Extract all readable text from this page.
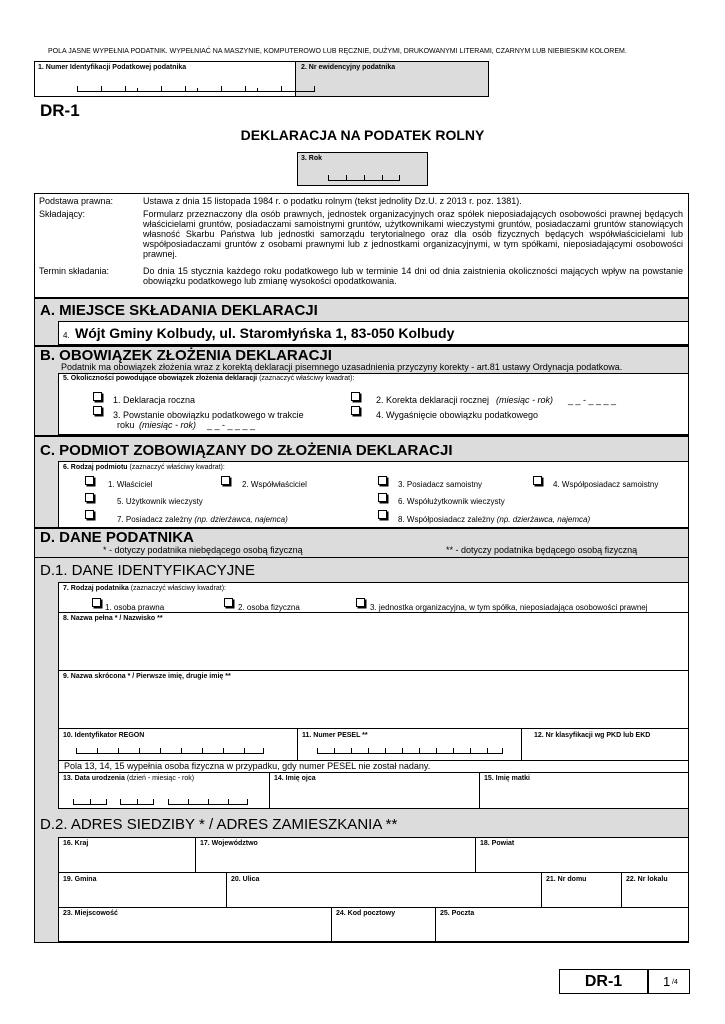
POLA JASNE WYPEŁNIA PODATNIK. WYPEŁNIAĆ NA MASZYNIE, KOMPUTEROWO LUB RĘCZNIE, DUŻYMI, DRUKOWANYMI LITERAMI, CZARNYM LUB NIEBIESKIM KOLOREM.
1. Numer Identyfikacji Podatkowej podatnika	2. Nr ewidencyjny podatnika
DR-1
DEKLARACJA NA PODATEK ROLNY
3. Rok
Podstawa prawna:	Ustawa z dnia 15 listopada 1984 r. o podatku rolnym (tekst jednolity Dz.U. z 2013 r. poz. 1381).
Składający:	Formularz przeznaczony dla osób prawnych, jednostek organizacyjnych oraz spółek nieposiadających osobowości prawnej będących właścicielami gruntów, posiadaczami samoistnymi gruntów, użytkownikami wieczystymi gruntów, posiadaczami gruntów stanowiących własność Skarbu Państwa lub jednostki samorządu terytorialnego oraz dla osób fizycznych będących współwłaścicielami lub współposiadaczami gruntów z osobami prawnymi lub z jednostkami organizacyjnymi, w tym spółkami, nieposiadającymi osobowości prawnej.
Termin składania:	Do dnia 15 stycznia każdego roku podatkowego lub w terminie 14 dni od dnia zaistnienia okoliczności mających wpływ na powstanie obowiązku podatkowego lub zmianę wysokości opodatkowania.
A. MIEJSCE SKŁADANIA DEKLARACJI
4. Wójt Gminy Kolbudy, ul. Staromłyńska 1, 83-050 Kolbudy
B. OBOWIĄZEK ZŁOŻENIA DEKLARACJI
Podatnik ma obowiązek złożenia wraz z korektą deklaracji pisemnego uzasadnienia przyczyny korekty - art.81 ustawy Ordynacja podatkowa.
5. Okoliczności powodujące obowiązek złożenia deklaracji (zaznaczyć właściwy kwadrat):
1. Deklaracja roczna	2. Korekta deklaracji rocznej (miesiąc - rok) _ _ - _ _ _ _
3. Powstanie obowiązku podatkowego w trakcie
roku (miesiąc - rok) _ _ - _ _ _ _
4. Wygaśnięcie obowiązku podatkowego
C. PODMIOT ZOBOWIĄZANY DO ZŁOŻENIA DEKLARACJI
6. Rodzaj podmiotu (zaznaczyć właściwy kwadrat):
1. Właściciel	2. Współwłaściciel	3. Posiadacz samoistny	4. Współposiadacz samoistny
5. Użytkownik wieczysty	6. Współużytkownik wieczysty
7. Posiadacz zależny (np. dzierżawca, najemca)	8. Współposiadacz zależny (np. dzierżawca, najemca)
D. DANE PODATNIKA
* - dotyczy podatnika niebędącego osobą fizyczną	** - dotyczy podatnika będącego osobą fizyczną
D.1. DANE IDENTYFIKACYJNE
7. Rodzaj podatnika (zaznaczyć właściwy kwadrat):
1. osoba prawna	2. osoba fizyczna	3. jednostka organizacyjna, w tym spółka, nieposiadająca osobowości prawnej
8. Nazwa pełna * / Nazwisko **
9. Nazwa skrócona * / Pierwsze imię, drugie imię **
10. Identyfikator REGON	11. Numer PESEL **	12. Nr klasyfikacji wg PKD lub EKD
Pola 13, 14, 15 wypełnia osoba fizyczna w przypadku, gdy numer PESEL nie został nadany.
13. Data urodzenia (dzień - miesiąc - rok)	14. Imię ojca	15. Imię matki
D.2. ADRES SIEDZIBY * / ADRES ZAMIESZKANIA **
16. Kraj	17. Województwo	18. Powiat
19. Gmina	20. Ulica	21. Nr domu	22. Nr lokalu
23. Miejscowość	24. Kod pocztowy	25. Poczta
DR-1	1 /4
